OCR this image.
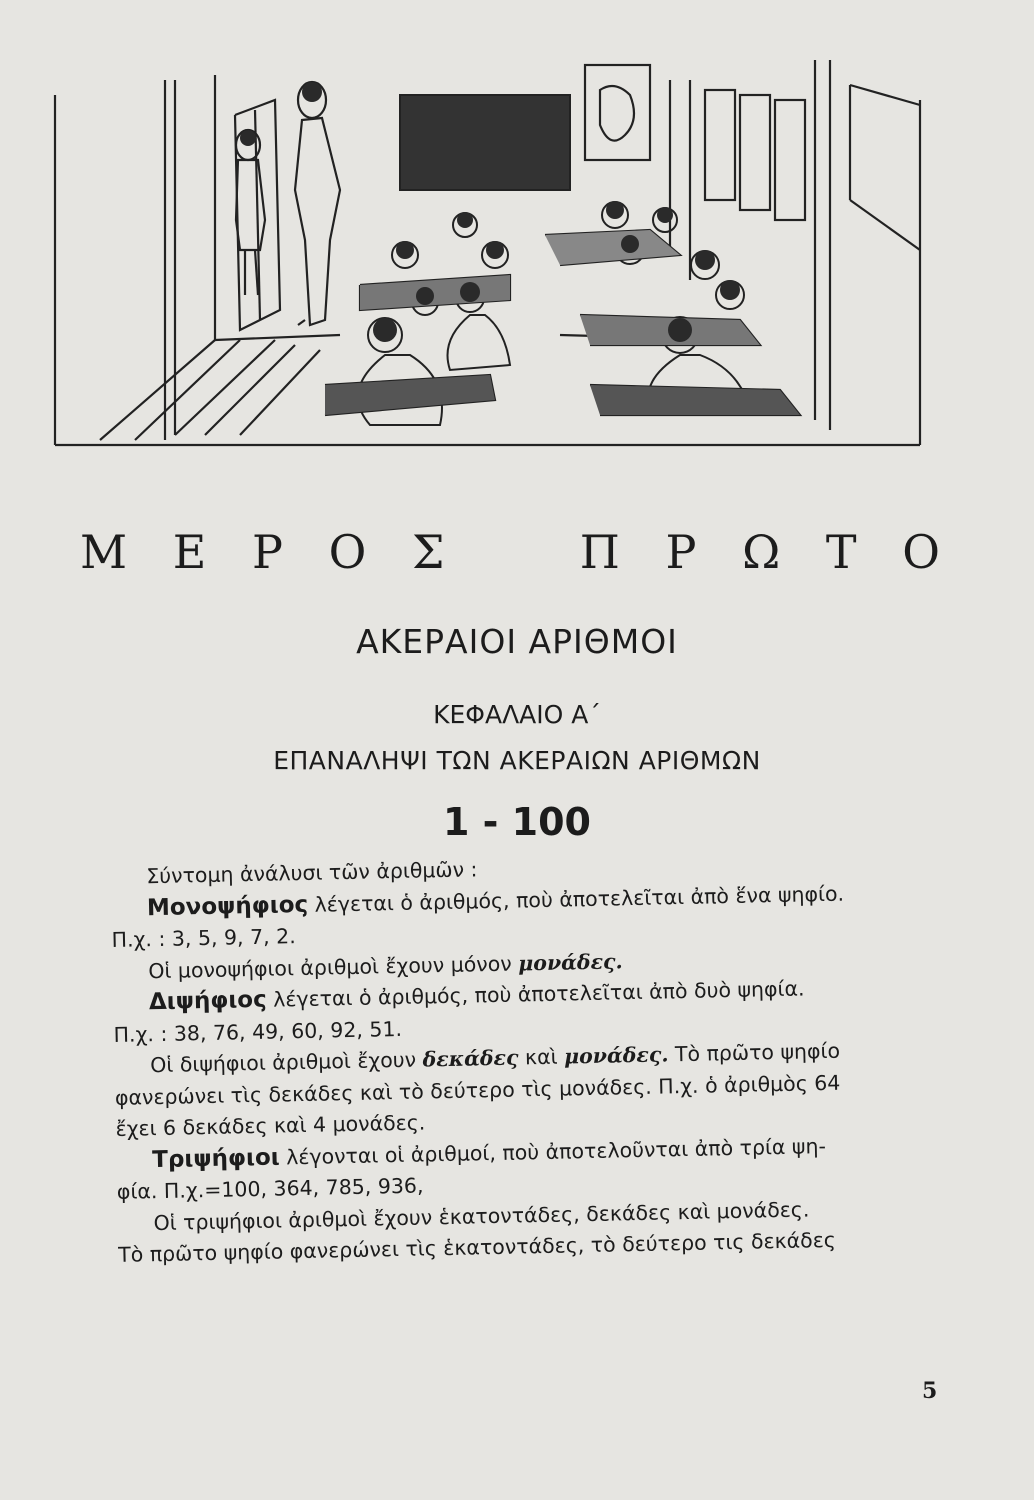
Μ Ε Ρ Ο Σ	Π Ρ Ω Τ Ο
ΑΚΕΡΑΙΟΙ ΑΡΙΘΜΟΙ
ΚΕΦΑΛΑΙΟ Α΄
ΕΠΑΝΑΛΗΨΙ ΤΩΝ ΑΚΕΡΑΙΩΝ ΑΡΙΘΜΩΝ
1 - 100

Σύντομη ἀνάλυσι τῶν ἀριθμῶν :

Μονοψήφιος λέγεται ὁ ἀριθμός, ποὺ ἀποτελεῖται ἀπὸ ἕνα ψηφίο.

Π.χ. : 3, 5, 9, 7, 2.

Οἱ μονοψήφιοι ἀριθμοὶ ἔχουν μόνον μονάδες.

Διψήφιος λέγεται ὁ ἀριθμός, ποὺ ἀποτελεῖται ἀπὸ δυὸ ψηφία.

Π.χ. : 38, 76, 49, 60, 92, 51.

Οἱ διψήφιοι ἀριθμοὶ ἔχουν δεκάδες καὶ μονάδες. Τὸ πρῶτο ψηφίο

φανερώνει τὶς δεκάδες καὶ τὸ δεύτερο τὶς μονάδες. Π.χ. ὁ ἀριθμὸς 64

ἔχει 6 δεκάδες καὶ 4 μονάδες.

Τριψήφιοι λέγονται οἱ ἀριθμοί, ποὺ ἀποτελοῦνται ἀπὸ τρία ψη-

φία. Π.χ.=100, 364, 785, 936,

Οἱ τριψήφιοι ἀριθμοὶ ἔχουν ἑκατοντάδες, δεκάδες καὶ μονάδες.

Τὸ πρῶτο ψηφίο φανερώνει τὶς ἑκατοντάδες, τὸ δεύτερο τις δεκάδες

5
